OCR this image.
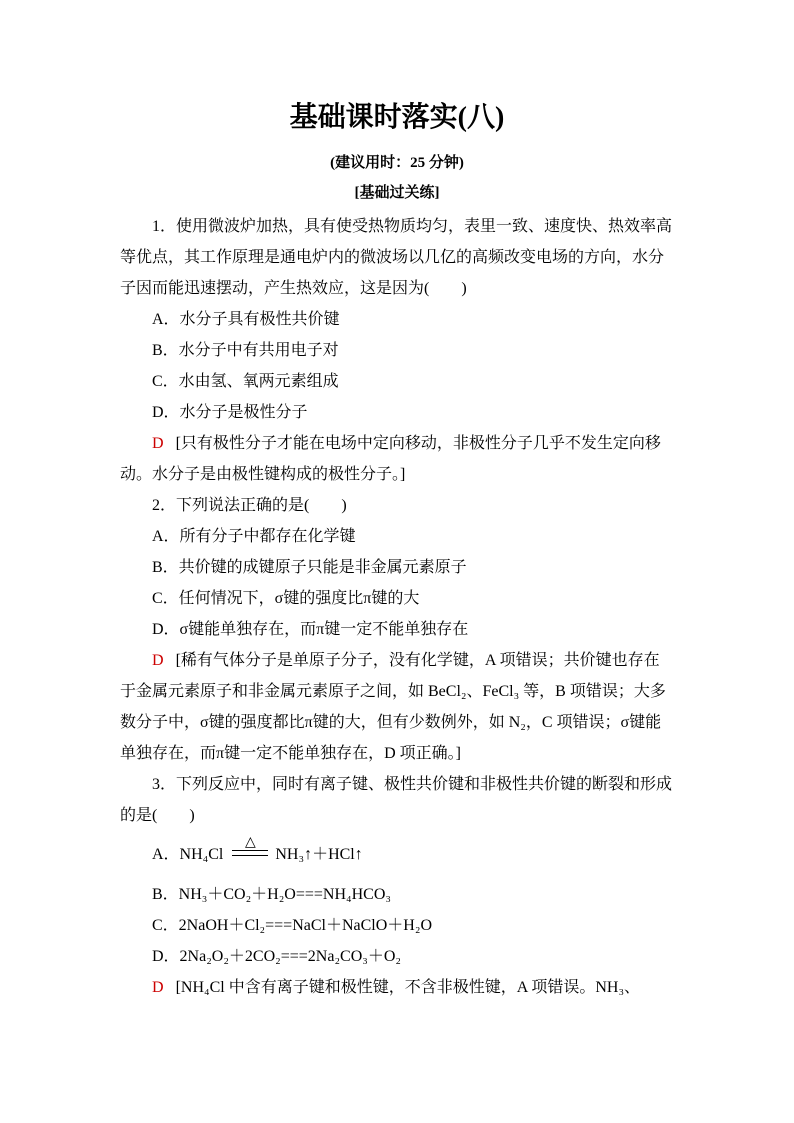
基础课时落实(八)
(建议用时：25 分钟)
[基础过关练]
1．使用微波炉加热，具有使受热物质均匀，表里一致、速度快、热效率高
等优点，其工作原理是通电炉内的微波场以几亿的高频改变电场的方向，水分
子因而能迅速摆动，产生热效应，这是因为(　　)
A．水分子具有极性共价键
B．水分子中有共用电子对
C．水由氢、氧两元素组成
D．水分子是极性分子
D [只有极性分子才能在电场中定向移动，非极性分子几乎不发生定向移
动。水分子是由极性键构成的极性分子。]
2．下列说法正确的是(　　)
A．所有分子中都存在化学键
B．共价键的成键原子只能是非金属元素原子
C．任何情况下，σ键的强度比π键的大
D．σ键能单独存在，而π键一定不能单独存在
D [稀有气体分子是单原子分子，没有化学键，A 项错误；共价键也存在
于金属元素原子和非金属元素原子之间，如 BeCl₂、FeCl₃ 等，B 项错误；大多
数分子中，σ键的强度都比π键的大，但有少数例外，如 N₂，C 项错误；σ键能
单独存在，而π键一定不能单独存在，D 项正确。]
3．下列反应中，同时有离子键、极性共价键和非极性共价键的断裂和形成
的是(　　)
A．NH₄Cl
△
NH₃↑＋HCl↑
B．NH₃＋CO₂＋H₂O===NH₄HCO₃
C．2NaOH＋Cl₂===NaCl＋NaClO＋H₂O
D．2Na₂O₂＋2CO₂===2Na₂CO₃＋O₂
D [NH₄Cl 中含有离子键和极性键，不含非极性键，A 项错误。NH₃、
